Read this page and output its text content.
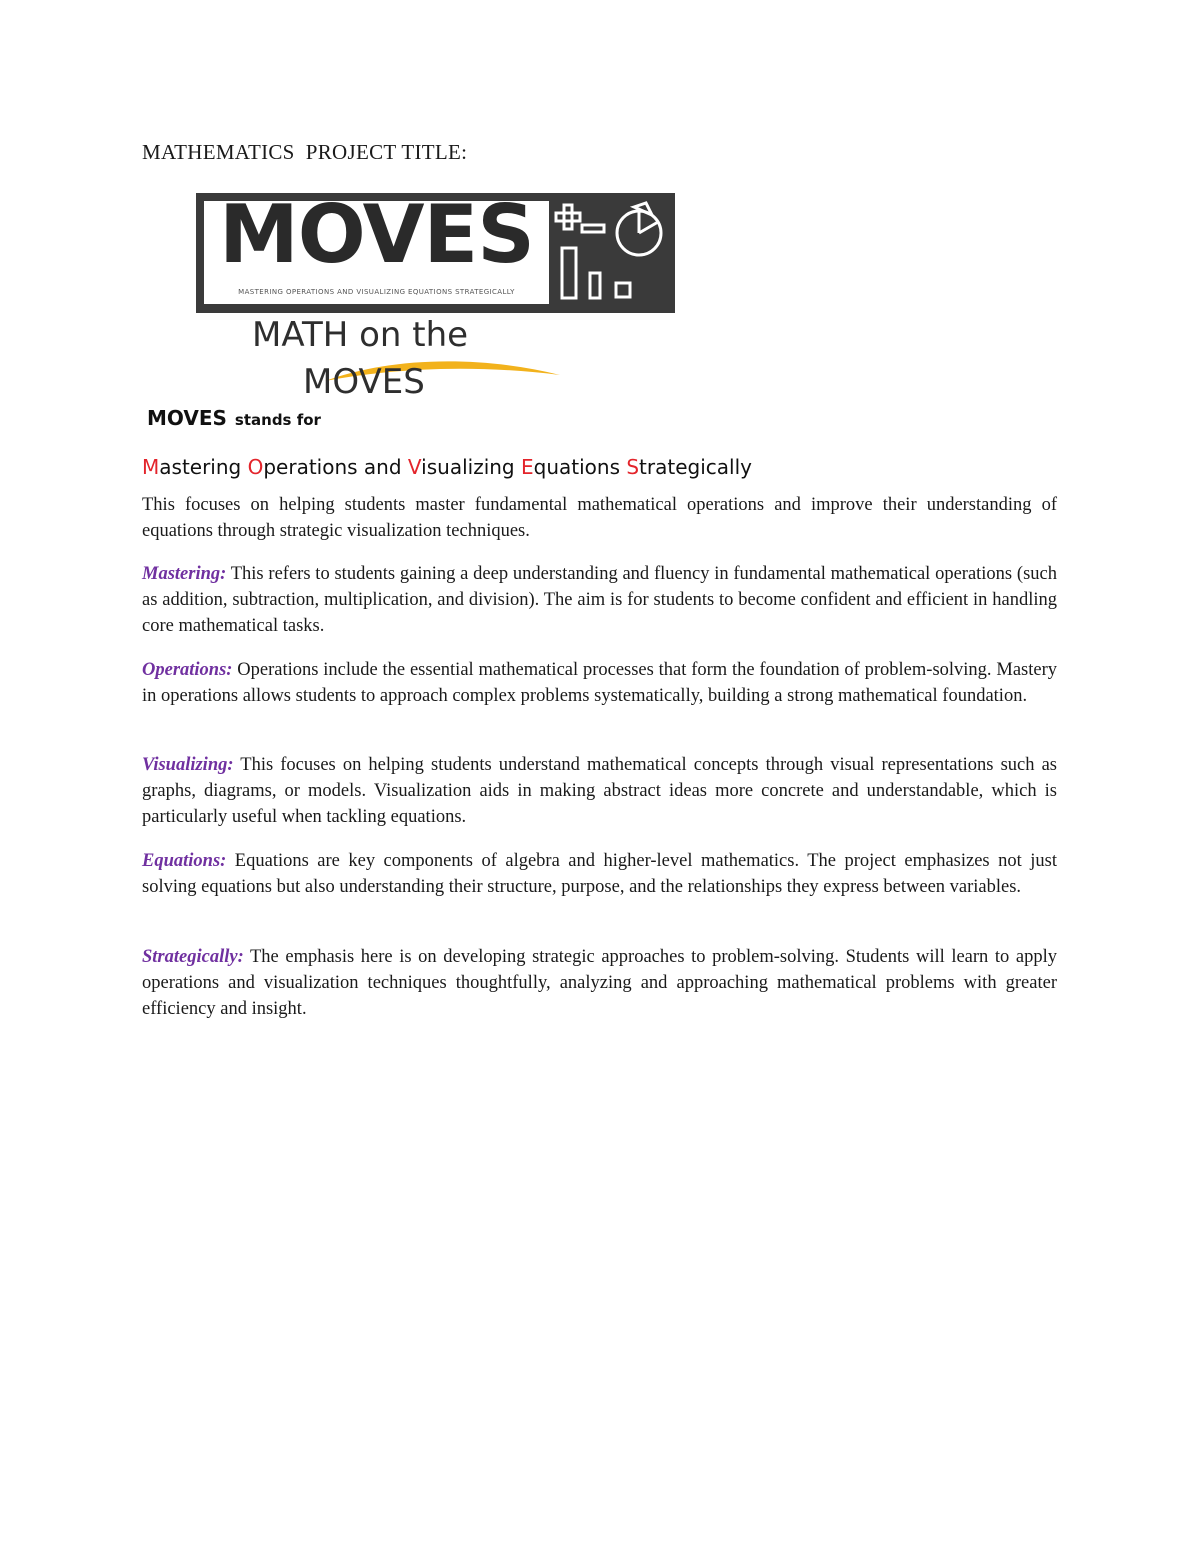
MATHEMATICS  PROJECT TITLE:
MOVES
MASTERING OPERATIONS AND VISUALIZING EQUATIONS STRATEGICALLY
MATH on the
MOVES
MOVES stands for
Mastering Operations and Visualizing Equations Strategically

This focuses on helping students master fundamental mathematical operations and improve their understanding of equations through strategic visualization techniques.

Mastering: This refers to students gaining a deep understanding and fluency in fundamental mathematical operations (such as addition, subtraction, multiplication, and division). The aim is for students to become confident and efficient in handling core mathematical tasks.

Operations: Operations include the essential mathematical processes that form the foundation of problem-solving. Mastery in operations allows students to approach complex problems systematically, building a strong mathematical foundation.

Visualizing: This focuses on helping students understand mathematical concepts through visual representations such as graphs, diagrams, or models. Visualization aids in making abstract ideas more concrete and understandable, which is particularly useful when tackling equations.

Equations: Equations are key components of algebra and higher-level mathematics. The project emphasizes not just solving equations but also understanding their structure, purpose, and the relationships they express between variables.

Strategically: The emphasis here is on developing strategic approaches to problem-solving. Students will learn to apply operations and visualization techniques thoughtfully, analyzing and approaching mathematical problems with greater efficiency and insight.
